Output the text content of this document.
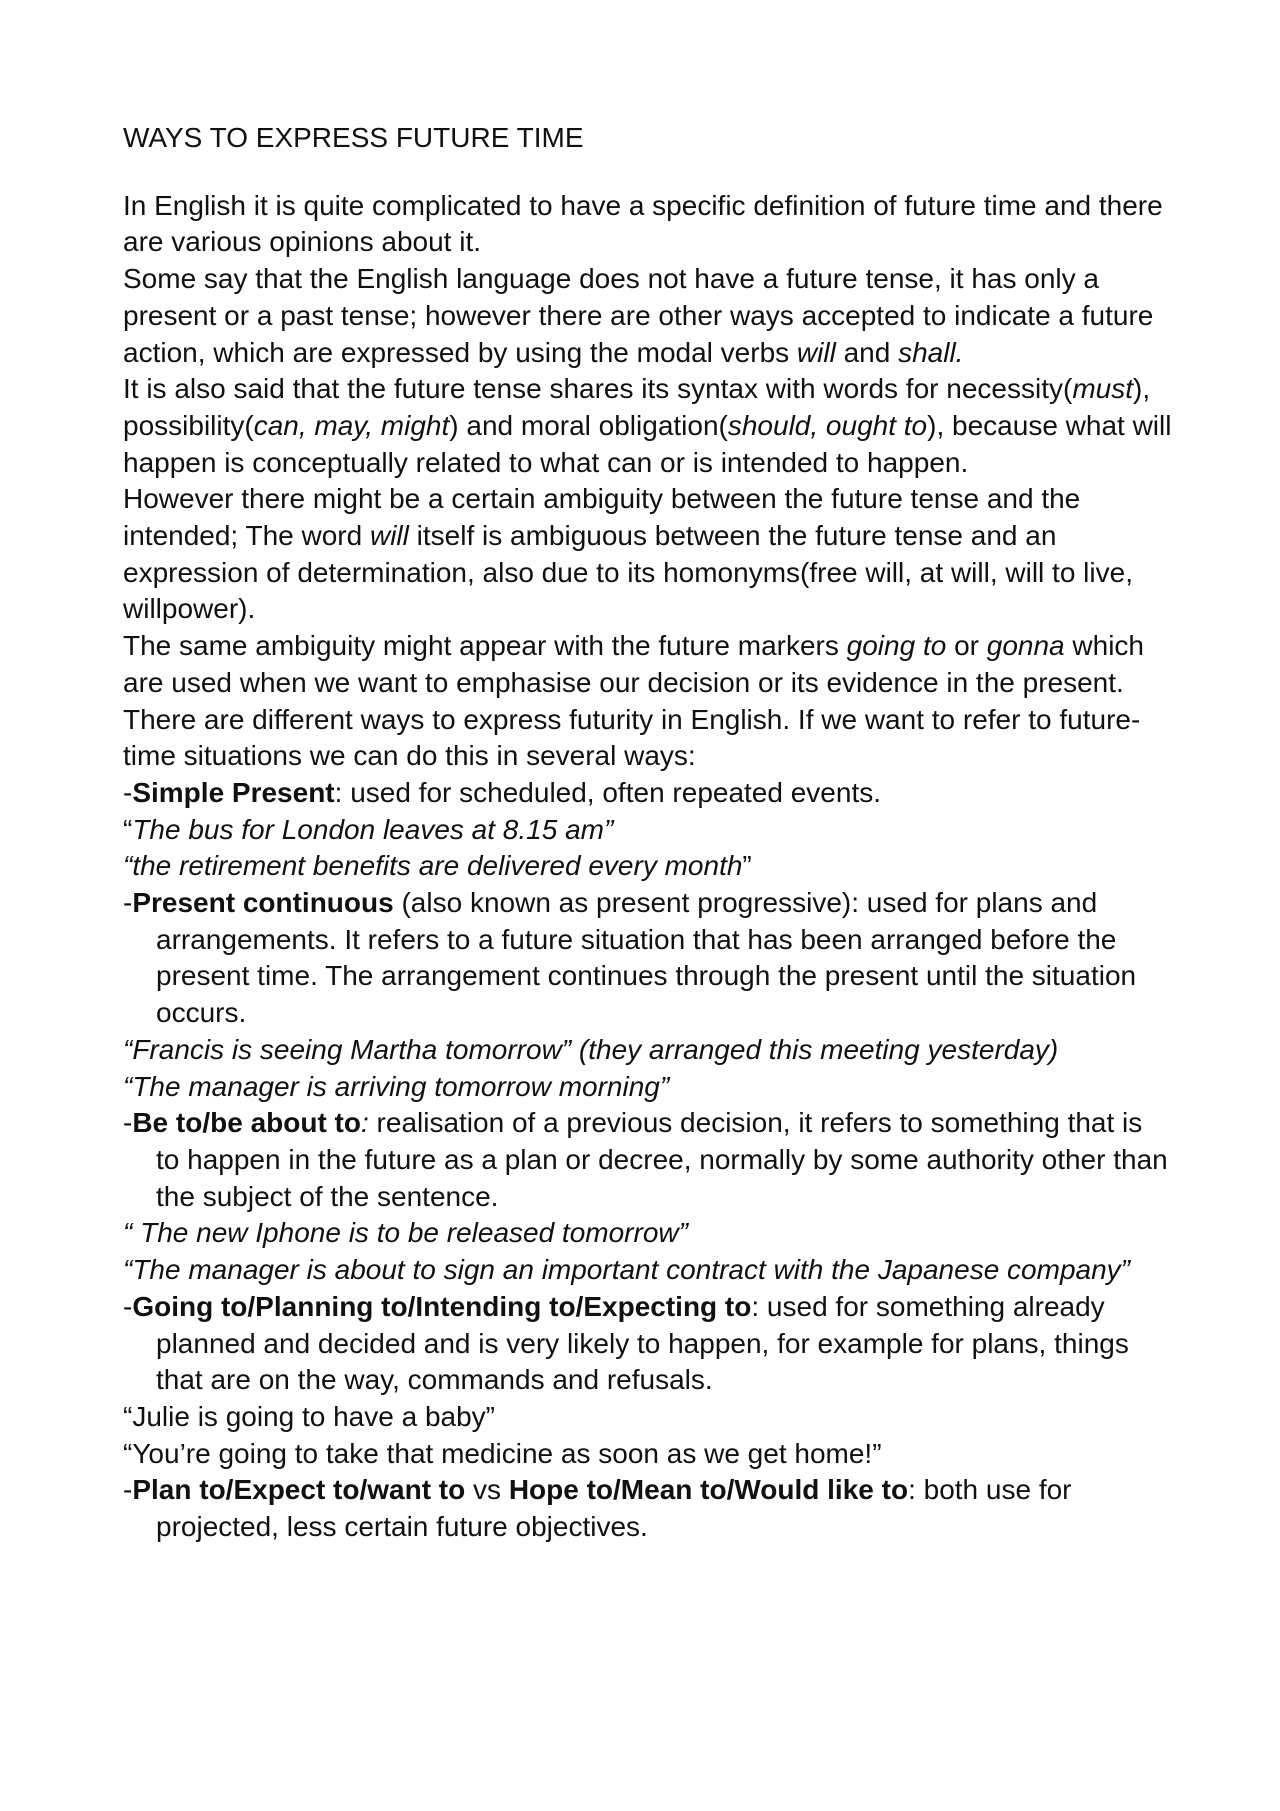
WAYS TO EXPRESS FUTURE TIME

In English it is quite complicated to have a specific definition of future time and there are various opinions about it.

Some say that the English language does not have a future tense, it has only a present or a past tense; however there are other ways accepted to indicate a future action, which are expressed by using the modal verbs will and shall.

It is also said that the future tense shares its syntax with words for necessity(must), possibility(can, may, might) and moral obligation(should, ought to), because what will happen is conceptually related to what can or is intended to happen.

However there might be a certain ambiguity between the future tense and the intended; The word will itself is ambiguous between the future tense and an expression of determination, also due to its homonyms(free will, at will, will to live, willpower).

The same ambiguity might appear with the future markers going to or gonna which are used when we want to emphasise our decision or its evidence in the present.

There are different ways to express futurity in English. If we want to refer to future-time situations we can do this in several ways:

-Simple Present: used for scheduled, often repeated events.

“The bus for London leaves at 8.15 am”

“the retirement benefits are delivered every month”

-Present continuous (also known as present progressive): used for plans and arrangements. It refers to a future situation that has been arranged before the present time. The arrangement continues through the present until the situation occurs.

“Francis is seeing Martha tomorrow” (they arranged this meeting yesterday)

“The manager is arriving tomorrow morning”

-Be to/be about to: realisation of a previous decision, it refers to something that is to happen in the future as a plan or decree, normally by some authority other than the subject of the sentence.

“ The new Iphone is to be released tomorrow”

“The manager is about to sign an important contract with the Japanese company”

-Going to/Planning to/Intending to/Expecting to: used for something already planned and decided and is very likely to happen, for example for plans, things that are on the way, commands and refusals.

“Julie is going to have a baby”

“You’re going to take that medicine as soon as we get home!”

-Plan to/Expect to/want to vs Hope to/Mean to/Would like to: both use for projected, less certain future objectives.
